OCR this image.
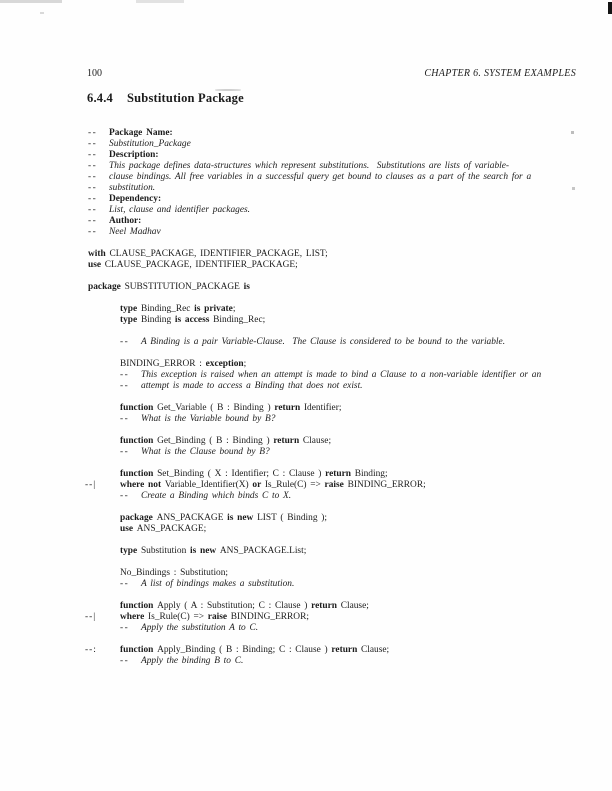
100	CHAPTER 6. SYSTEM EXAMPLES
6.4.4 Substitution Package
-- Package Name:
-- Substitution_Package
-- Description:
-- This package defines data-structures which represent substitutions.  Substitutions are lists of variable-
-- clause bindings. All free variables in a successful query get bound to clauses as a part of the search for a
-- substitution.
-- Dependency:
-- List, clause and identifier packages.
-- Author:
-- Neel Madhav
with CLAUSE_PACKAGE, IDENTIFIER_PACKAGE, LIST;
use CLAUSE_PACKAGE, IDENTIFIER_PACKAGE;
package SUBSTITUTION_PACKAGE is
type Binding_Rec is private;
type Binding is access Binding_Rec;
-- A Binding is a pair Variable-Clause.  The Clause is considered to be bound to the variable.
BINDING_ERROR : exception;
-- This exception is raised when an attempt is made to bind a Clause to a non-variable identifier or an
-- attempt is made to access a Binding that does not exist.
function Get_Variable ( B : Binding ) return Identifier;
-- What is the Variable bound by B?
function Get_Binding ( B : Binding ) return Clause;
-- What is the Clause bound by B?
function Set_Binding ( X : Identifier; C : Clause ) return Binding;
--|	where not Variable_Identifier(X) or Is_Rule(C) => raise BINDING_ERROR;
-- Create a Binding which binds C to X.
package ANS_PACKAGE is new LIST ( Binding );
use ANS_PACKAGE;
type Substitution is new ANS_PACKAGE.List;
No_Bindings : Substitution;
-- A list of bindings makes a substitution.
function Apply ( A : Substitution; C : Clause ) return Clause;
--|	where Is_Rule(C) => raise BINDING_ERROR;
-- Apply the substitution A to C.
--: function Apply_Binding ( B : Binding; C : Clause ) return Clause;
-- Apply the binding B to C.
